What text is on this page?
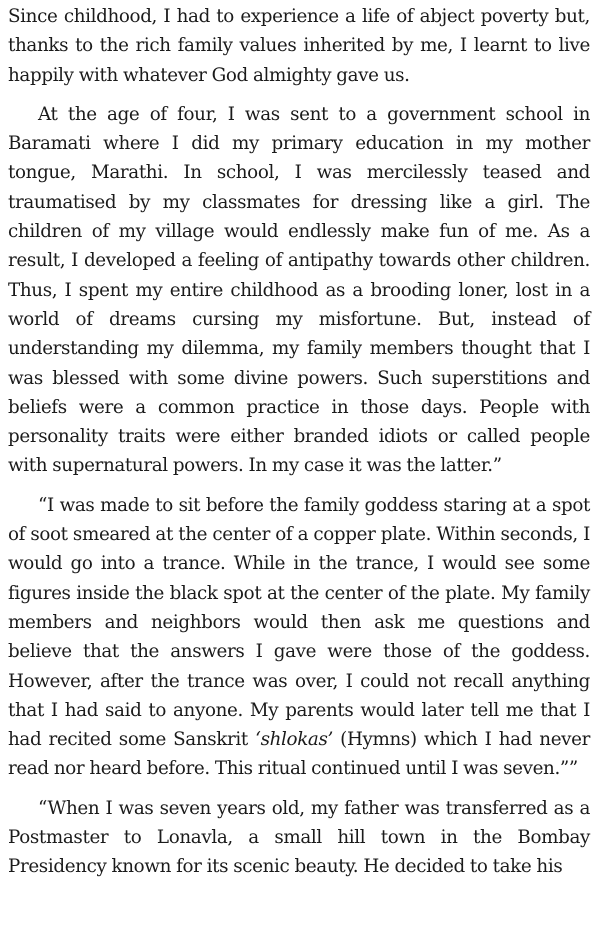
Since childhood, I had to experience a life of abject poverty but, thanks to the rich family values inherited by me, I learnt to live happily with whatever God almighty gave us.

At the age of four, I was sent to a government school in Baramati where I did my primary education in my mother tongue, Marathi. In school, I was mercilessly teased and traumatised by my classmates for dressing like a girl. The children of my village would endlessly make fun of me. As a result, I developed a feeling of antipathy towards other children. Thus, I spent my entire childhood as a brooding loner, lost in a world of dreams cursing my misfortune. But, instead of understanding my dilemma, my family members thought that I was blessed with some divine powers. Such superstitions and beliefs were a common practice in those days. People with personality traits were either branded idiots or called people with supernatural powers. In my case it was the latter.”

“I was made to sit before the family goddess staring at a spot of soot smeared at the center of a copper plate. Within seconds, I would go into a trance. While in the trance, I would see some figures inside the black spot at the center of the plate. My family members and neighbors would then ask me questions and believe that the answers I gave were those of the goddess. However, after the trance was over, I could not recall anything that I had said to anyone. My parents would later tell me that I had recited some Sanskrit ‘shlokas’ (Hymns) which I had never read nor heard before. This ritual continued until I was seven.””

“When I was seven years old, my father was transferred as a Postmaster to Lonavla, a small hill town in the Bombay Presidency known for its scenic beauty. He decided to take his
